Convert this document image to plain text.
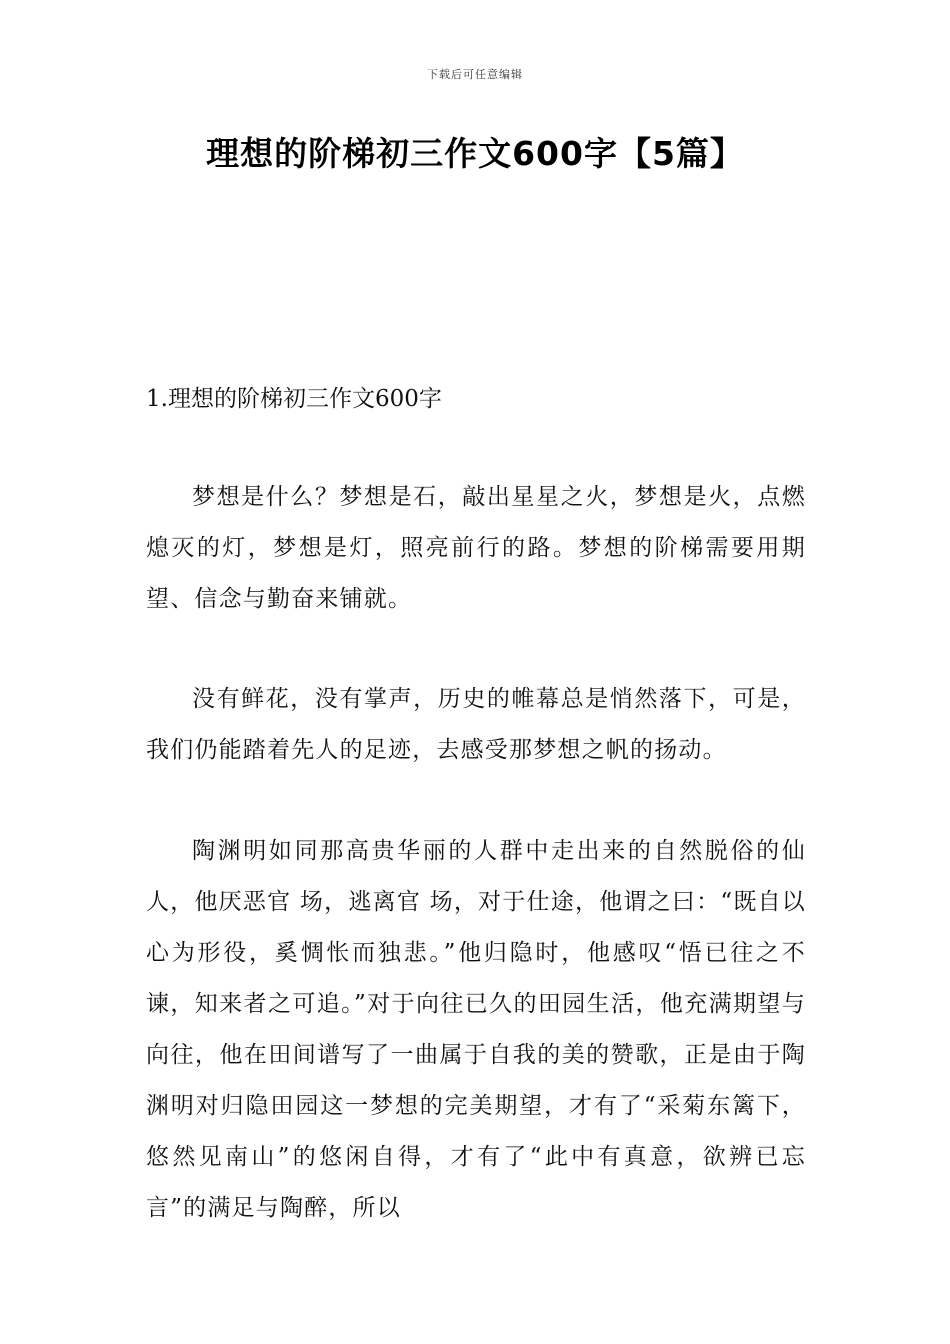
下载后可任意编辑
理想的阶梯初三作文600字【5篇】
1.理想的阶梯初三作文600字

梦想是什么？梦想是石，敲出星星之火，梦想是火，点燃熄灭的灯，梦想是灯，照亮前行的路。梦想的阶梯需要用期望、信念与勤奋来铺就。

没有鲜花，没有掌声，历史的帷幕总是悄然落下，可是，我们仍能踏着先人的足迹，去感受那梦想之帆的扬动。

陶渊明如同那高贵华丽的人群中走出来的自然脱俗的仙人，他厌恶官 场，逃离官 场，对于仕途，他谓之曰：“既自以心为形役，奚惆怅而独悲。”他归隐时，他感叹“悟已往之不谏，知来者之可追。”对于向往已久的田园生活，他充满期望与向往，他在田间谱写了一曲属于自我的美的赞歌，正是由于陶渊明对归隐田园这一梦想的完美期望，才有了“采菊东篱下，悠然见南山”的悠闲自得，才有了“此中有真意，欲辨已忘言”的满足与陶醉，所以
